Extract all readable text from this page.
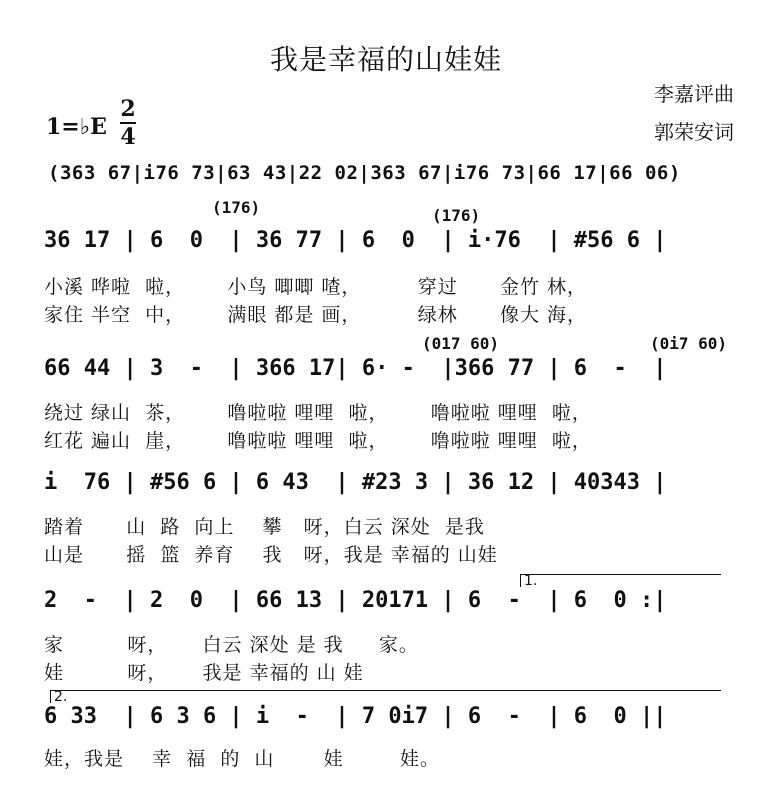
我是幸福的山娃娃
李嘉评曲
郭荣安词
1=♭E
2
4
(363 67|i76 73|63 43|22 02|363 67|i76 73|66 17|66 06)
(176)	(176)
36 17 | 6  0  | 36 77 | 6  0  | i·76  | #56 6 |
小溪 哗啦  啦，      小鸟 唧唧 喳，        穿过      金竹 林，
家住 半空  中，      满眼 都是 画，        绿林      像大 海，
(017 60)	(0i7 60)
66 44 | 3  -  | 366 17| 6· -  |366 77 | 6  -  |
绕过 绿山  茶，      噜啦啦 哩哩  啦，      噜啦啦 哩哩  啦，
红花 遍山  崖，      噜啦啦 哩哩  啦，      噜啦啦 哩哩  啦，
i  76 | #56 6 | 6 43  | #23 3 | 36 12 | 40343 |
踏着      山  路  向上    攀   呀，白云 深处  是我
山是      摇  篮  养育    我   呀，我是 幸福的 山娃
1.
2  -  | 2  0  | 66 13 | 20171 | 6  -  | 6  0 :|
家         呀，     白云 深处 是 我     家。
娃         呀，     我是 幸福的 山 娃
2.
6 33  | 6 3 6 | i  -  | 7 0i7 | 6  -  | 6  0 ||
娃，我是    幸  福  的  山       娃        娃。
